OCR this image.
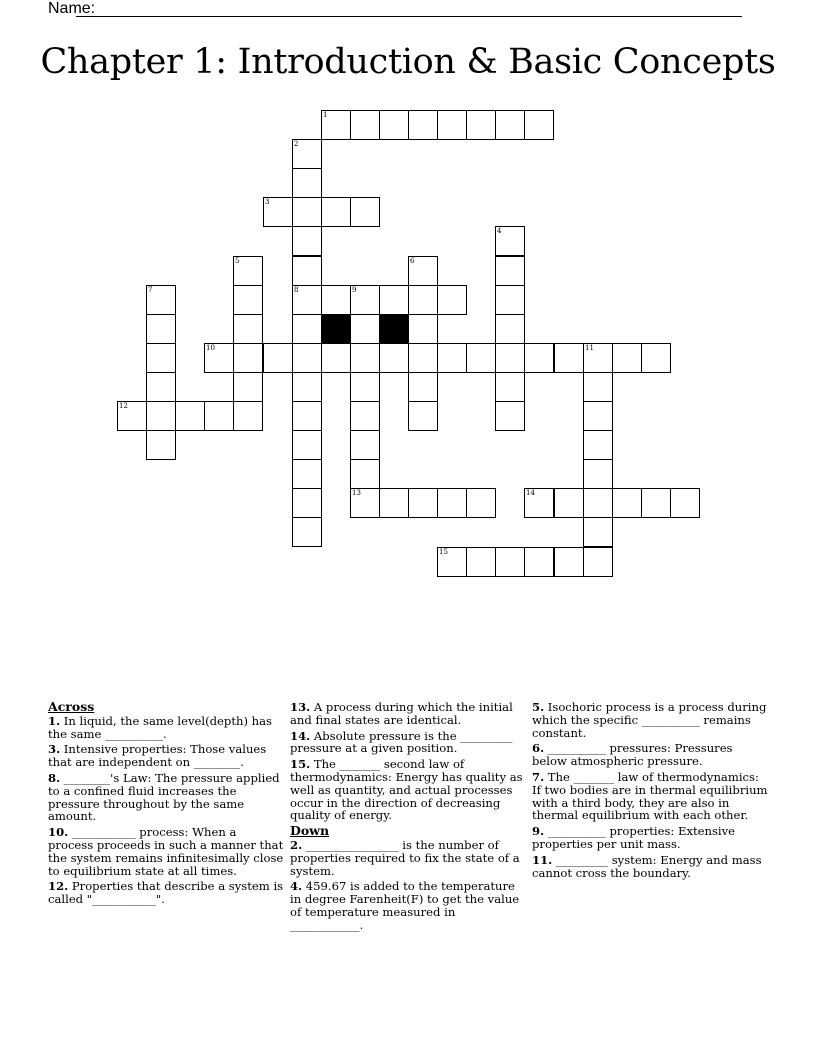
Name:
Chapter 1: Introduction & Basic Concepts
1
2
8
3
4
5	6
7	9
13
10	11
12
14
15
Across
1. In liquid, the same level(depth) has the same __________.
3. Intensive properties: Those values that are independent on ________.
8. ________'s Law: The pressure applied to a confined fluid increases the pressure throughout by the same amount.
10. ___________ process: When a process proceeds in such a manner that the system remains infinitesimally close to equilibrium state at all times.
12. Properties that describe a system is called "___________".
13. A process during which the initial and final states are identical.
14. Absolute pressure is the _________ pressure at a given position.
15. The _______ second law of thermodynamics: Energy has quality as well as quantity, and actual processes occur in the direction of decreasing quality of energy.
Down
2. ________________ is the number of properties required to fix the state of a system.
4. 459.67 is added to the temperature in degree Farenheit(F) to get the value of temperature measured in ____________.
5. Isochoric process is a process during which the specific __________ remains constant.
6. __________ pressures: Pressures below atmospheric pressure.
7. The _______ law of thermodynamics: If two bodies are in thermal equilibrium with a third body, they are also in thermal equilibrium with each other.
9. __________ properties: Extensive properties per unit mass.
11. _________ system: Energy and mass cannot cross the boundary.
